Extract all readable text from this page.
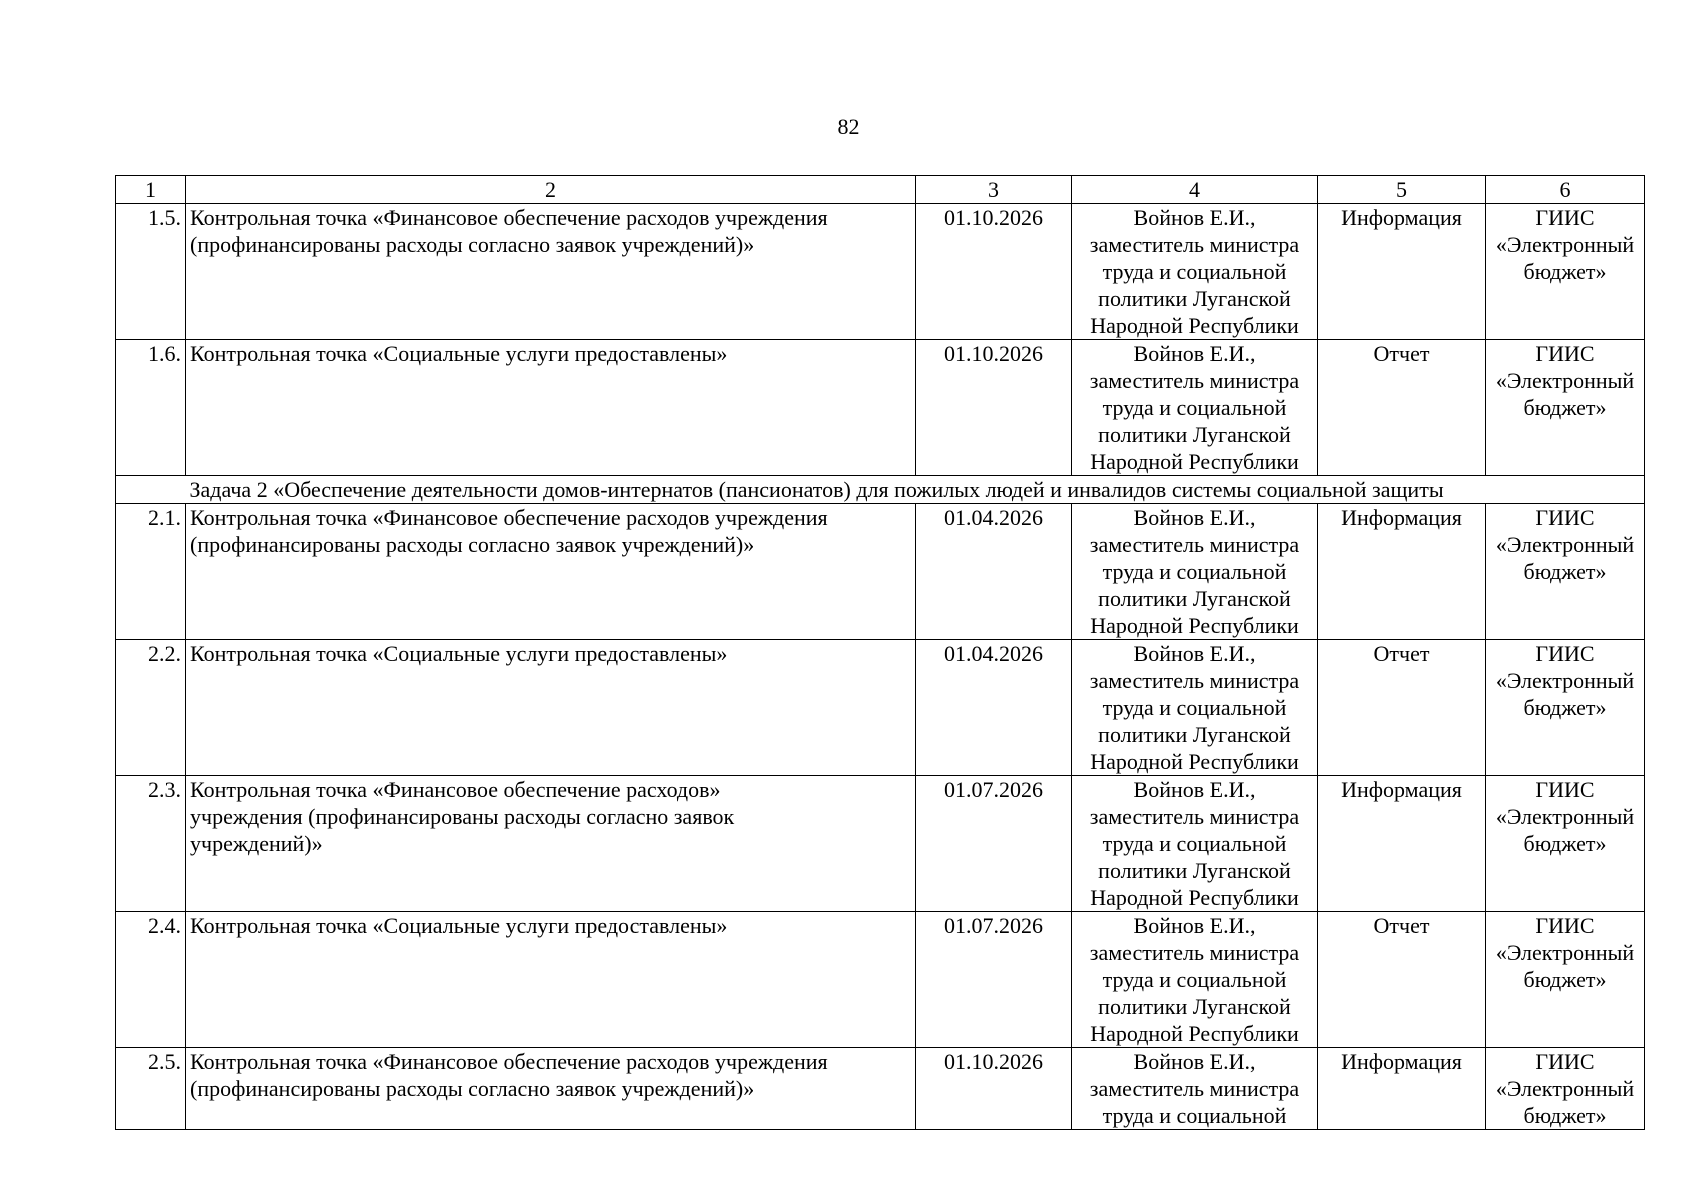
82
1	2	3	4	5	6
1.5.	Контрольная точка «Финансовое обеспечение расходов учреждения
(профинансированы расходы согласно заявок учреждений)»	01.10.2026	Войнов Е.И.,
заместитель министра
труда и социальной
политики Луганской
Народной Республики	Информация	ГИИС
«Электронный
бюджет»

1.6.	Контрольная точка «Социальные услуги предоставлены»	01.10.2026	Войнов Е.И.,
заместитель министра
труда и социальной
политики Луганской
Народной Республики	Отчет	ГИИС
«Электронный
бюджет»

	Задача 2 «Обеспечение деятельности домов-интернатов (пансионатов) для пожилых людей и инвалидов системы социальной защиты				
2.1.	Контрольная точка «Финансовое обеспечение расходов учреждения
(профинансированы расходы согласно заявок учреждений)»	01.04.2026	Войнов Е.И.,
заместитель министра
труда и социальной
политики Луганской
Народной Республики	Информация	ГИИС
«Электронный
бюджет»

2.2.	Контрольная точка «Социальные услуги предоставлены»	01.04.2026	Войнов Е.И.,
заместитель министра
труда и социальной
политики Луганской
Народной Республики	Отчет	ГИИС
«Электронный
бюджет»

2.3.	Контрольная точка «Финансовое обеспечение расходов»
учреждения (профинансированы расходы согласно заявок
учреждений)»	01.07.2026	Войнов Е.И.,
заместитель министра
труда и социальной
политики Луганской
Народной Республики	Информация	ГИИС
«Электронный
бюджет»

2.4.	Контрольная точка «Социальные услуги предоставлены»	01.07.2026	Войнов Е.И.,
заместитель министра
труда и социальной
политики Луганской
Народной Республики	Отчет	ГИИС
«Электронный
бюджет»

2.5.	Контрольная точка «Финансовое обеспечение расходов учреждения
(профинансированы расходы согласно заявок учреждений)»	01.10.2026	Войнов Е.И.,
заместитель министра
труда и социальной	Информация	ГИИС
«Электронный
бюджет»
